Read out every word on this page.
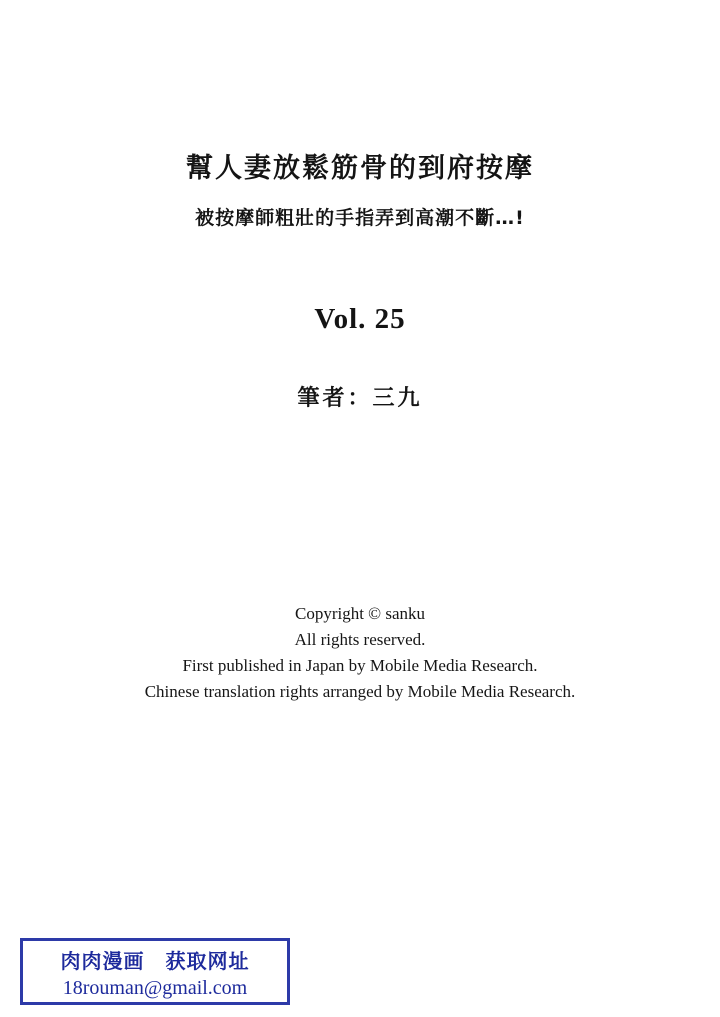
幫人妻放鬆筋骨的到府按摩
被按摩師粗壯的手指弄到高潮不斷…!
Vol. 25
筆者：三九
Copyright © sanku
All rights reserved.
First published in Japan by Mobile Media Research.
Chinese translation rights arranged by Mobile Media Research.
肉肉漫画　获取网址
18rouman@gmail.com
